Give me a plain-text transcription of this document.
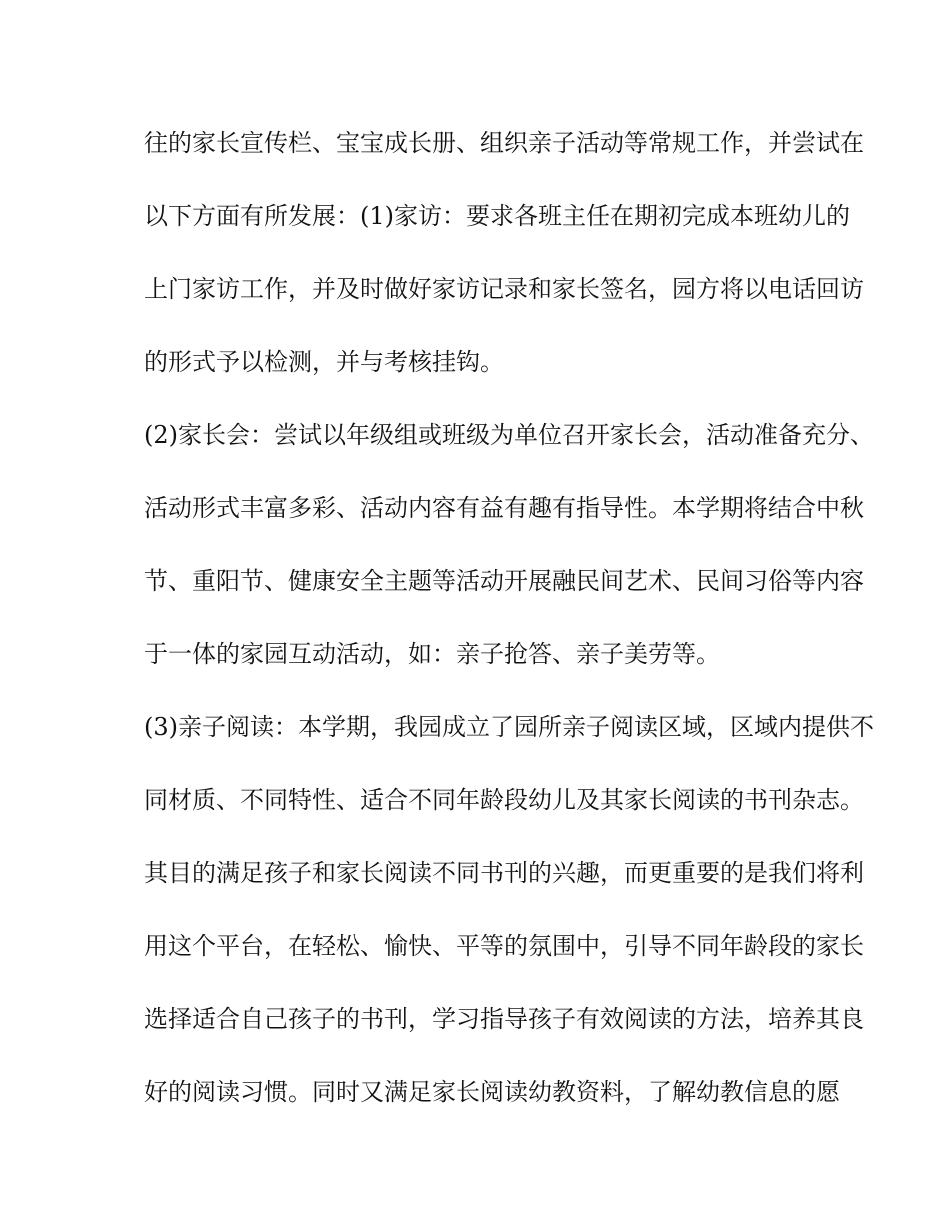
往的家长宣传栏、宝宝成长册、组织亲子活动等常规工作，并尝试在
以下方面有所发展：(1)家访：要求各班主任在期初完成本班幼儿的
上门家访工作，并及时做好家访记录和家长签名，园方将以电话回访
的形式予以检测，并与考核挂钩。
(2)家长会：尝试以年级组或班级为单位召开家长会，活动准备充分、
活动形式丰富多彩、活动内容有益有趣有指导性。本学期将结合中秋
节、重阳节、健康安全主题等活动开展融民间艺术、民间习俗等内容
于一体的家园互动活动，如：亲子抢答、亲子美劳等。
(3)亲子阅读：本学期，我园成立了园所亲子阅读区域，区域内提供不
同材质、不同特性、适合不同年龄段幼儿及其家长阅读的书刊杂志。
其目的满足孩子和家长阅读不同书刊的兴趣，而更重要的是我们将利
用这个平台，在轻松、愉快、平等的氛围中，引导不同年龄段的家长
选择适合自己孩子的书刊，学习指导孩子有效阅读的方法，培养其良
好的阅读习惯。同时又满足家长阅读幼教资料，了解幼教信息的愿
